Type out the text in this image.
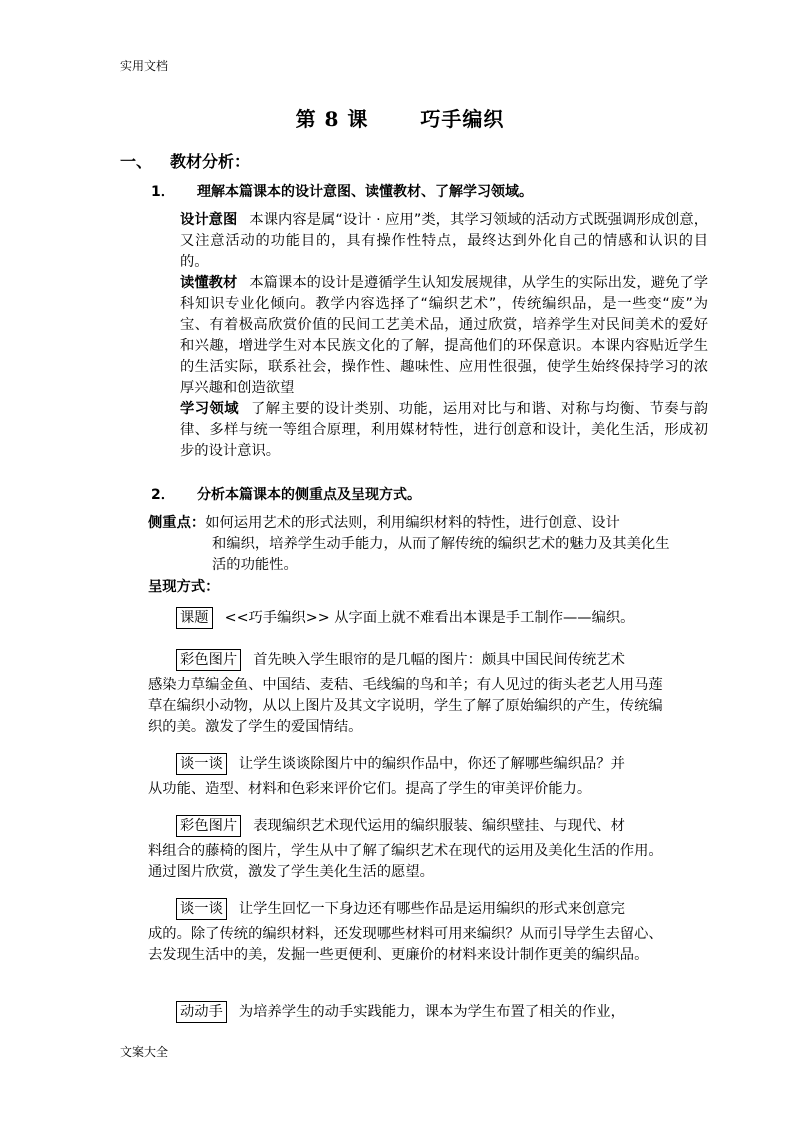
实用文档
第 8 课	巧手编织
一、 教材分析：
1． 理解本篇课本的设计意图、读懂教材、了解学习领域。
设计意图 本课内容是属“设计 · 应用”类，其学习领域的活动方式既强调形成创意，又注意活动的功能目的，具有操作性特点，最终达到外化自己的情感和认识的目的。
读懂教材 本篇课本的设计是遵循学生认知发展规律，从学生的实际出发，避免了学科知识专业化倾向。教学内容选择了“编织艺术”，传统编织品，是一些变“废”为宝、有着极高欣赏价值的民间工艺美术品，通过欣赏，培养学生对民间美术的爱好和兴趣，增进学生对本民族文化的了解，提高他们的环保意识。本课内容贴近学生的生活实际，联系社会，操作性、趣味性、应用性很强，使学生始终保持学习的浓厚兴趣和创造欲望
学习领域 了解主要的设计类别、功能，运用对比与和谐、对称与均衡、节奏与韵律、多样与统一等组合原理，利用媒材特性，进行创意和设计，美化生活，形成初步的设计意识。
2． 分析本篇课本的侧重点及呈现方式。
侧重点：如何运用艺术的形式法则，利用编织材料的特性，进行创意、设计
和编织，培养学生动手能力，从而了解传统的编织艺术的魅力及其美化生活的功能性。
呈现方式：
课题 <<巧手编织>> 从字面上就不难看出本课是手工制作——编织。
彩色图片 首先映入学生眼帘的是几幅的图片：颇具中国民间传统艺术
感染力草编金鱼、中国结、麦秸、毛线编的鸟和羊；有人见过的街头老艺人用马莲草在编织小动物，从以上图片及其文字说明，学生了解了原始编织的产生，传统编织的美。激发了学生的爱国情结。
谈一谈 让学生谈谈除图片中的编织作品中，你还了解哪些编织品？并
从功能、造型、材料和色彩来评价它们。提高了学生的审美评价能力。
彩色图片 表现编织艺术现代运用的编织服装、编织壁挂、与现代、材
料组合的藤椅的图片，学生从中了解了编织艺术在现代的运用及美化生活的作用。通过图片欣赏，激发了学生美化生活的愿望。
谈一谈 让学生回忆一下身边还有哪些作品是运用编织的形式来创意完
成的。除了传统的编织材料，还发现哪些材料可用来编织？从而引导学生去留心、去发现生活中的美，发掘一些更便利、更廉价的材料来设计制作更美的编织品。
动动手 为培养学生的动手实践能力，课本为学生布置了相关的作业，
文案大全
